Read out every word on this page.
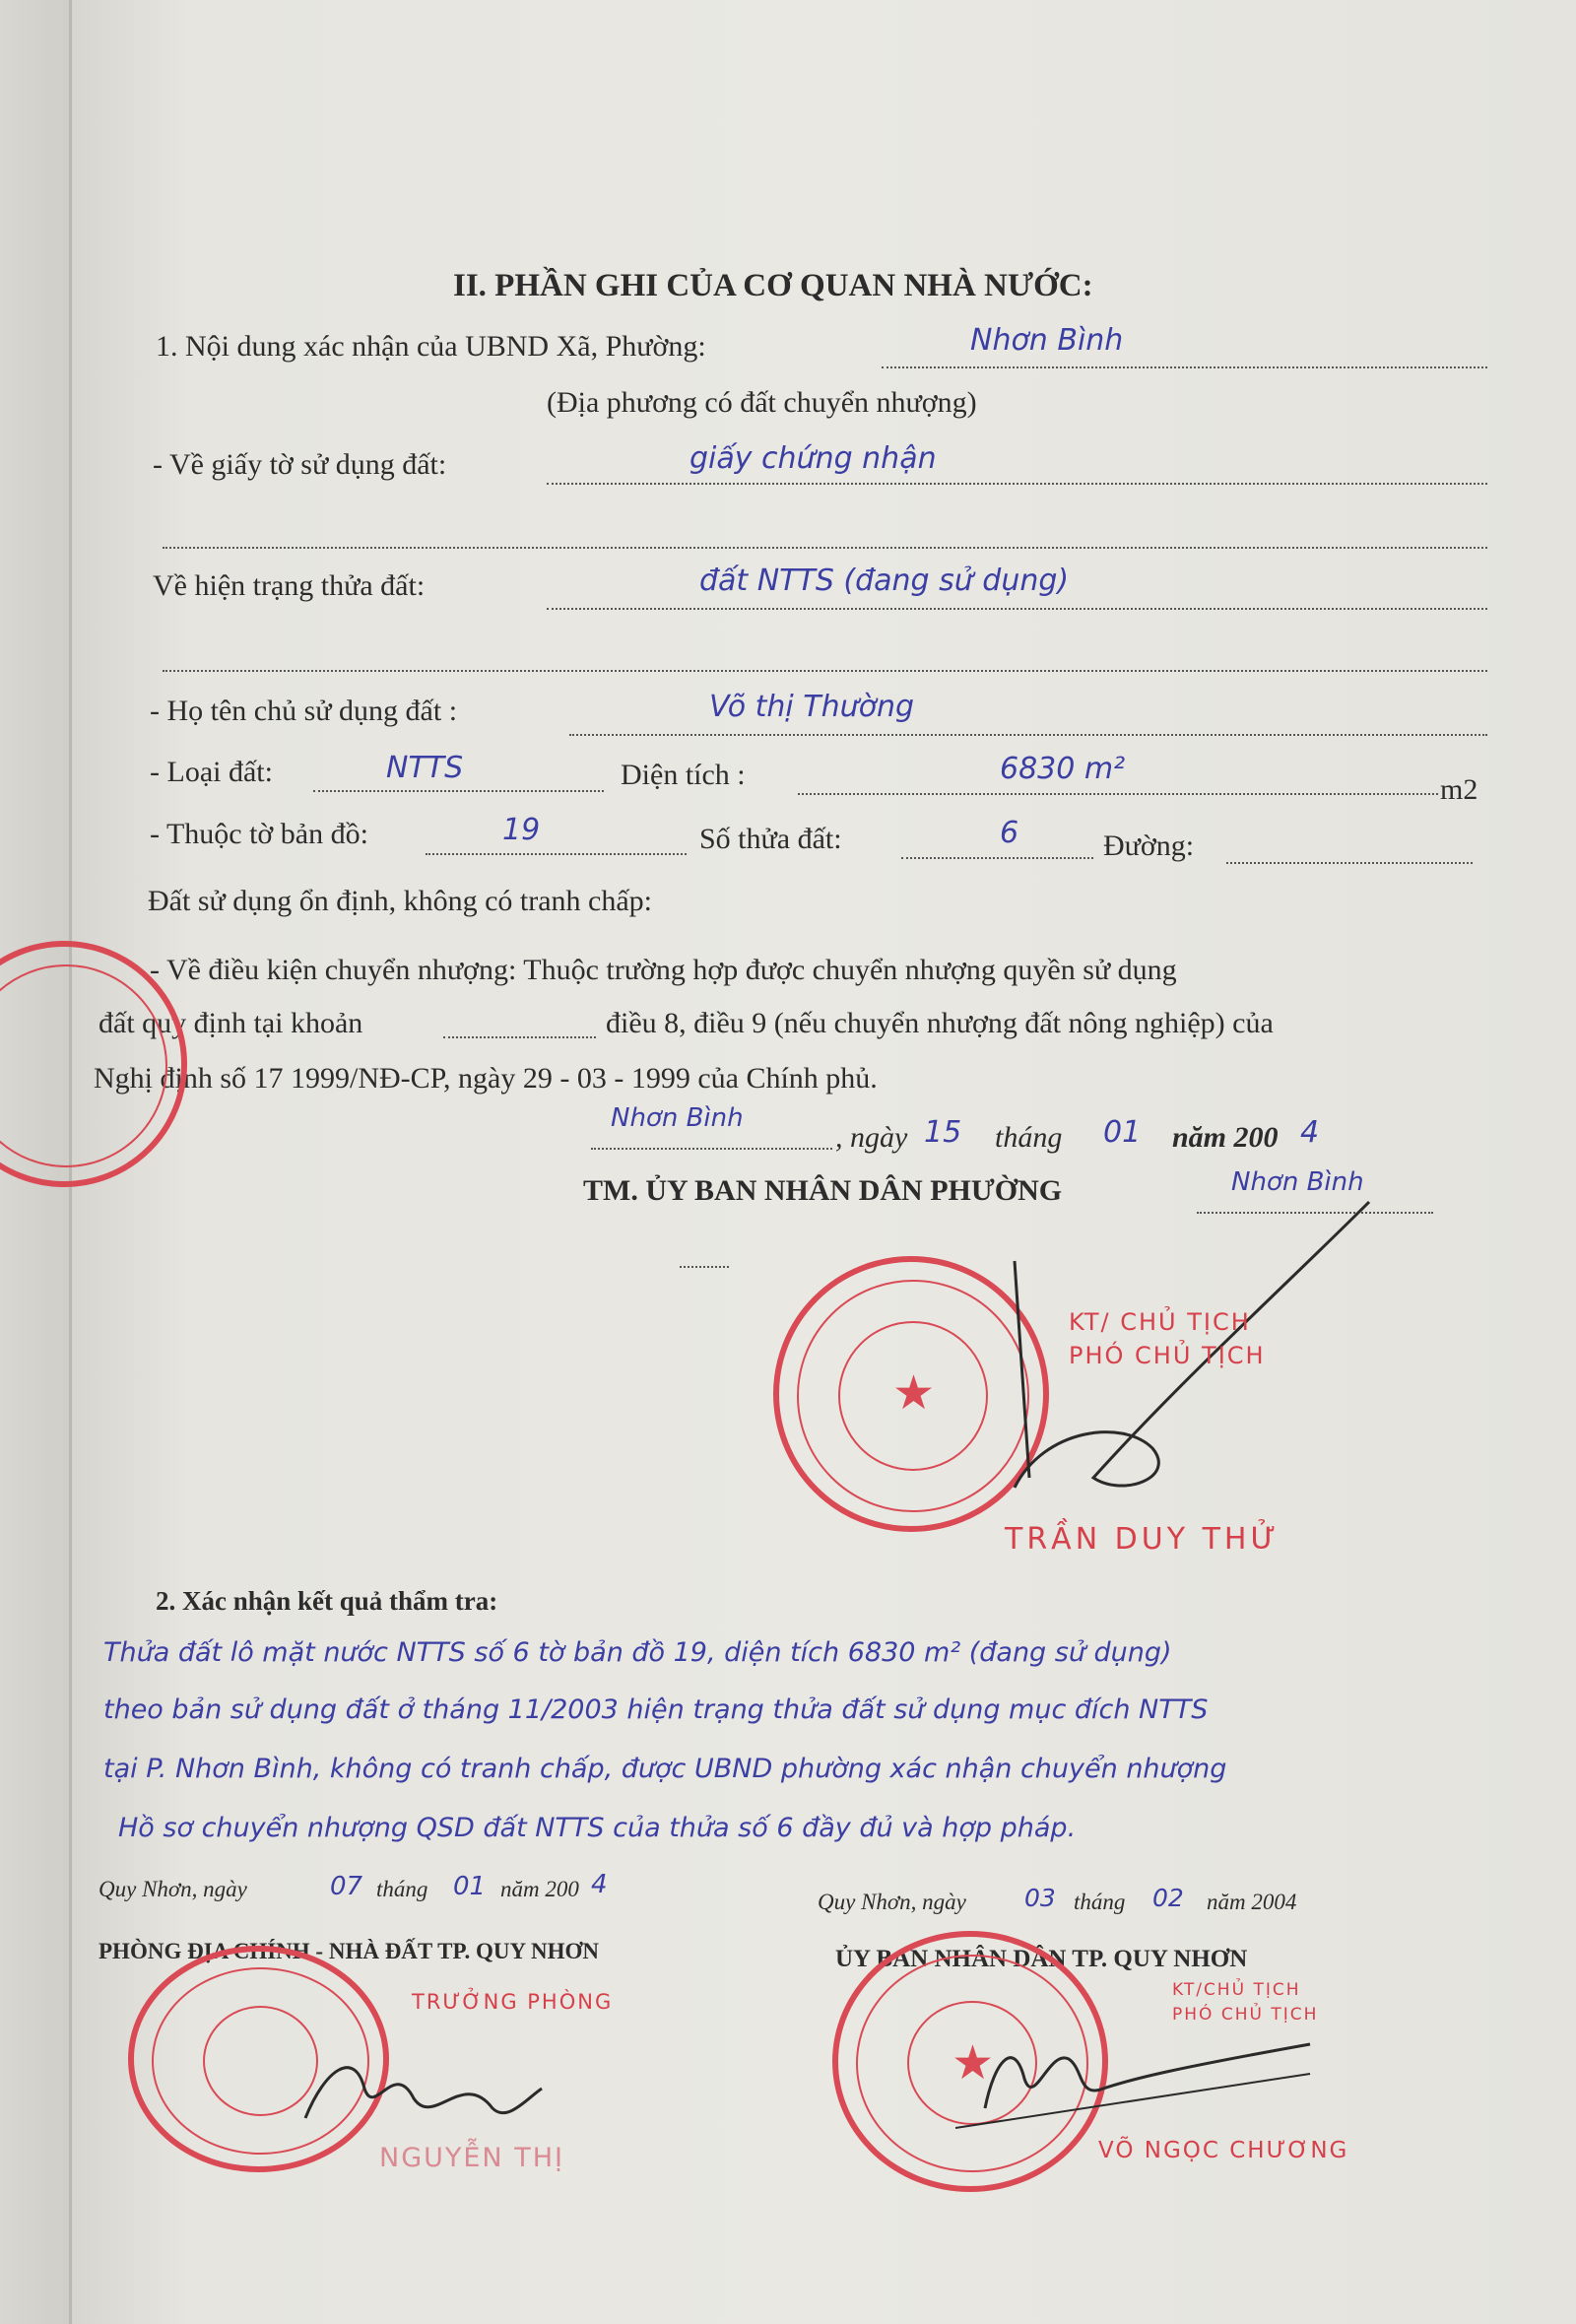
II. PHẦN GHI CỦA CƠ QUAN NHÀ NƯỚC:
1. Nội dung xác nhận của UBND Xã, Phường:	Nhơn Bình
(Địa phương có đất chuyển nhượng)
- Về giấy tờ sử dụng đất:	giấy chứng nhận
Về hiện trạng thửa đất:	đất NTTS (đang sử dụng)
- Họ tên chủ sử dụng đất :	Võ thị Thường
- Loại đất:	NTTS	Diện tích :	6830 m²
m2
- Thuộc tờ bản đồ:	19	Số thửa đất:	6	Đường:
Đất sử dụng ổn định, không có tranh chấp:
- Về điều kiện chuyển nhượng: Thuộc trường hợp được chuyển nhượng quyền sử dụng
đất quy định tại khoản	điều 8, điều 9 (nếu chuyển nhượng đất nông nghiệp) của
Nghị định số 17 1999/NĐ-CP, ngày 29 - 03 - 1999 của Chính phủ.
Nhơn Bình
, ngày 15 tháng 01 năm 200 4
TM. ỦY BAN NHÂN DÂN PHƯỜNG	Nhơn Bình
★
KT/ CHỦ TỊCH
PHÓ CHỦ TỊCH
TRẦN DUY THỬ
2. Xác nhận kết quả thẩm tra:
Thửa đất lô mặt nước NTTS số 6 tờ bản đồ 19, diện tích 6830 m² (đang sử dụng)
theo bản sử dụng đất ở tháng 11/2003 hiện trạng thửa đất sử dụng mục đích NTTS
tại P. Nhơn Bình, không có tranh chấp, được UBND phường xác nhận chuyển nhượng
Hồ sơ chuyển nhượng QSD đất NTTS của thửa số 6 đầy đủ và hợp pháp.
Quy Nhơn, ngày	07 tháng 01 năm 200 4
PHÒNG ĐỊA CHÍNH - NHÀ ĐẤT TP. QUY NHƠN
TRƯỞNG PHÒNG
NGUYỄN THỊ
Quy Nhơn, ngày 03 tháng 02 năm 2004
ỦY BAN NHÂN DÂN TP. QUY NHƠN
★
KT/CHỦ TỊCH
PHÓ CHỦ TỊCH
VÕ NGỌC CHƯƠNG
